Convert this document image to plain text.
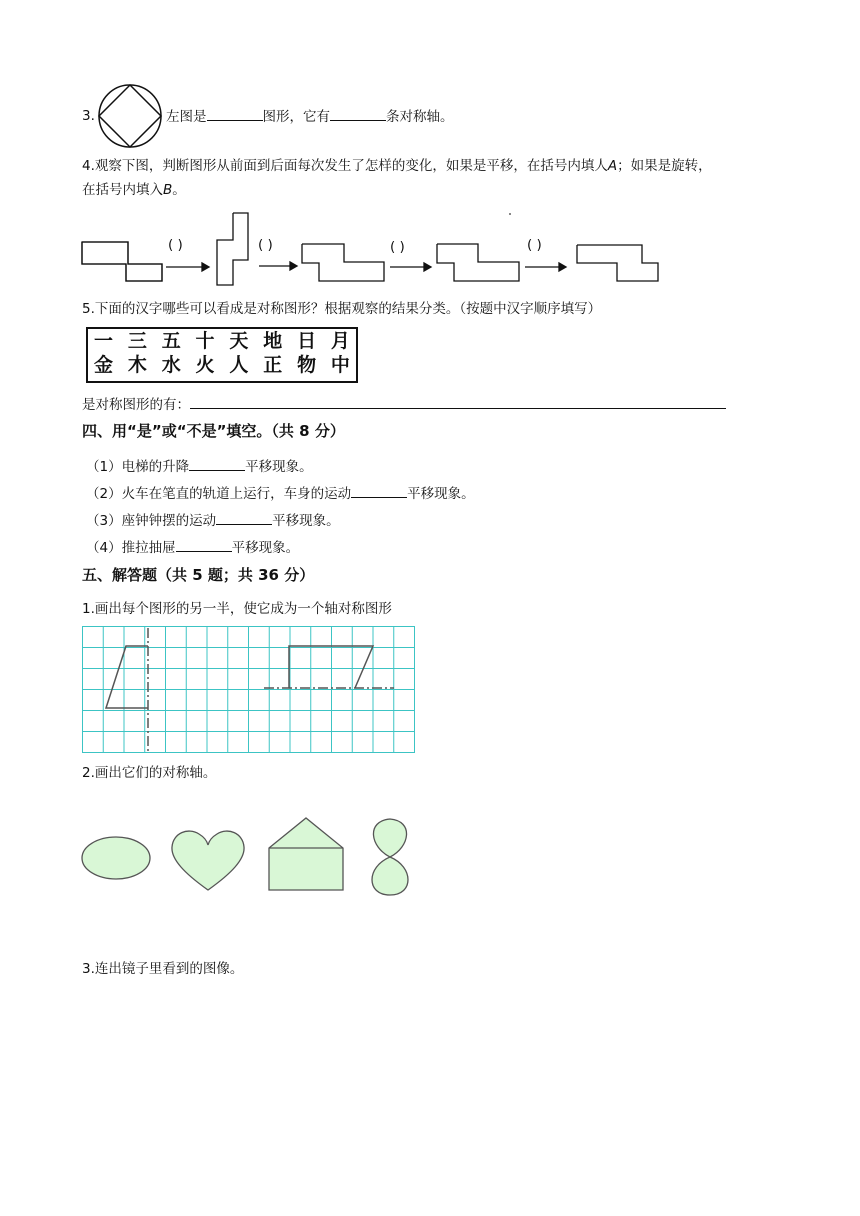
3.	左图是	图形，它有	条对称轴。
4.观察下图，判断图形从前面到后面每次发生了怎样的变化，如果是平移，在括号内填人A；如果是旋转，
在括号内填入B。
( )	( )	( )	( )
5.下面的汉字哪些可以看成是对称图形？根据观察的结果分类。（按题中汉字顺序填写）
一 三 五 十 天 地 日 月
金 木 水 火 人 正 物 中
是对称图形的有：
四、用“是”或“不是”填空。（共 8 分）
（1）电梯的升降	平移现象。
（2）火车在笔直的轨道上运行，车身的运动	平移现象。
（3）座钟钟摆的运动	平移现象。
（4）推拉抽屉	平移现象。
五、解答题（共 5 题；共 36 分）
1.画出每个图形的另一半，使它成为一个轴对称图形
2.画出它们的对称轴。
3.连出镜子里看到的图像。
